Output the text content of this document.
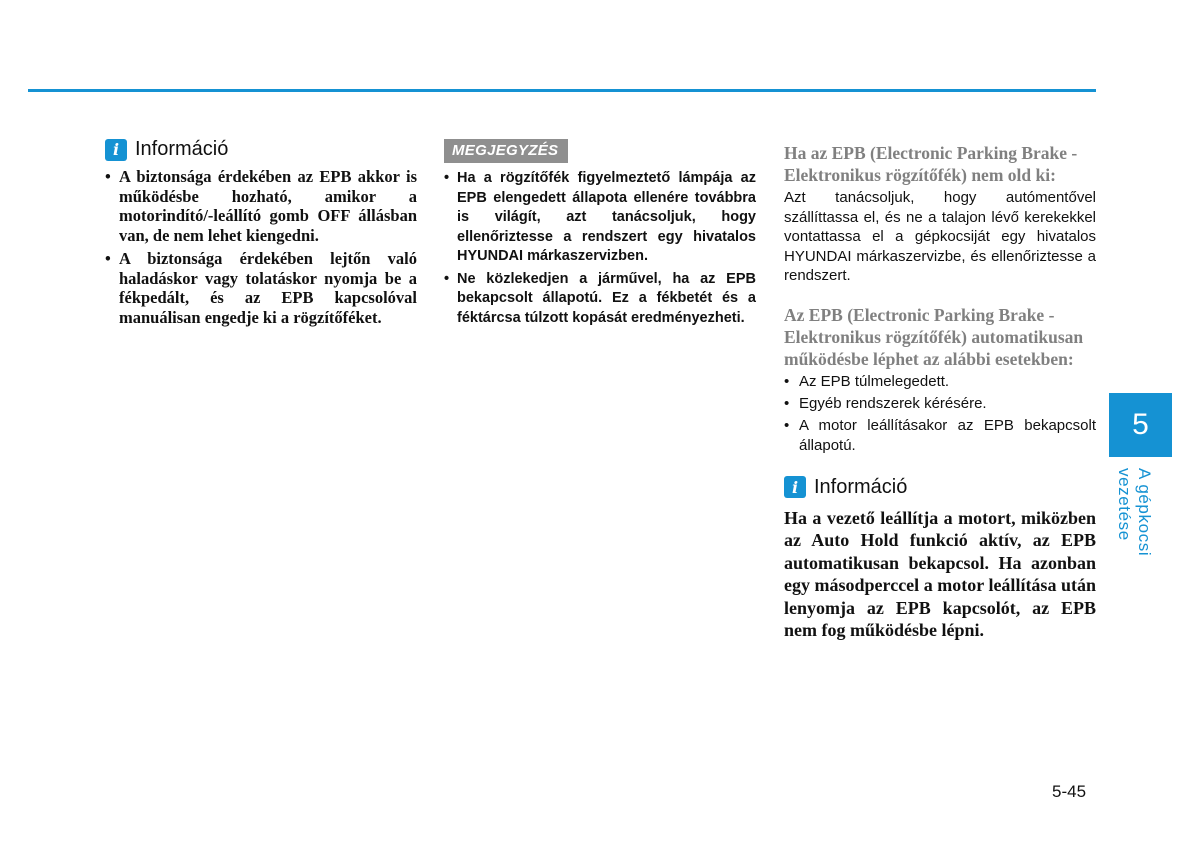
i Információ
• A biztonsága érdekében az EPB akkor is működésbe hozható, amikor a motorindító/-leállító gomb OFF állásban van, de nem lehet kiengedni.
• A biztonsága érdekében lejtőn való haladáskor vagy tolatáskor nyomja be a fékpedált, és az EPB kapcsolóval manuálisan engedje ki a rögzítőféket.
MEGJEGYZÉS
• Ha a rögzítőfék figyelmeztető lámpája az EPB elengedett állapota ellenére továbbra is világít, azt tanácsoljuk, hogy ellenőriztesse a rendszert egy hivatalos HYUNDAI márkaszervizben.
• Ne közlekedjen a járművel, ha az EPB bekapcsolt állapotú. Ez a fékbetét és a féktárcsa túlzott kopását eredményezheti.
Ha az EPB (Electronic Parking Brake - Elektronikus rögzítőfék) nem old ki:

Azt tanácsoljuk, hogy autómentővel szállíttassa el, és ne a talajon lévő kerekekkel vontattassa el a gépkocsiját egy hivatalos HYUNDAI márkaszervizbe, és ellenőriztesse a rendszert.

Az EPB (Electronic Parking Brake - Elektronikus rögzítőfék) automatikusan működésbe léphet az alábbi esetekben:
• Az EPB túlmelegedett.
• Egyéb rendszerek kérésére.
• A motor leállításakor az EPB bekapcsolt állapotú.
i Információ

Ha a vezető leállítja a motort, miközben az Auto Hold funkció aktív, az EPB automatikusan bekapcsol. Ha azonban egy másodperccel a motor leállítása után lenyomja az EPB kapcsolót, az EPB nem fog működésbe lépni.

5
A gépkocsi vezetése
5-45
